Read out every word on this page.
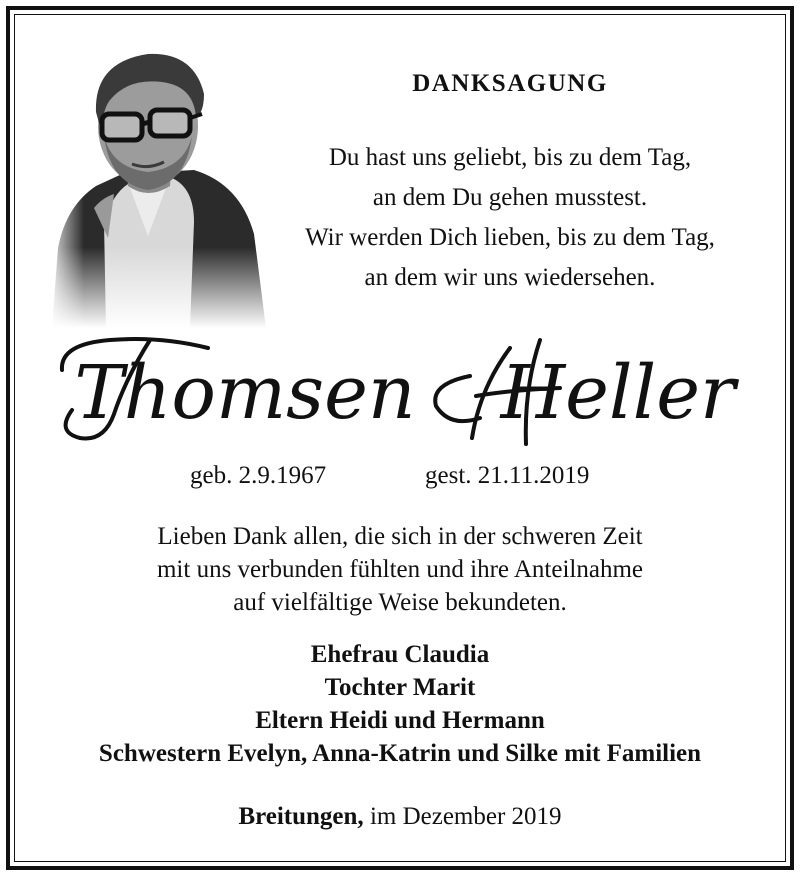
DANKSAGUNG
Du hast uns geliebt, bis zu dem Tag,
an dem Du gehen musstest.
Wir werden Dich lieben, bis zu dem Tag,
an dem wir uns wiedersehen.
Thomsen Heller
geb. 2.9.1967	gest. 21.11.2019
Lieben Dank allen, die sich in der schweren Zeit
mit uns verbunden fühlten und ihre Anteilnahme
auf vielfältige Weise bekundeten.
Ehefrau Claudia
Tochter Marit
Eltern Heidi und Hermann
Schwestern Evelyn, Anna-Katrin und Silke mit Familien
Breitungen, im Dezember 2019
